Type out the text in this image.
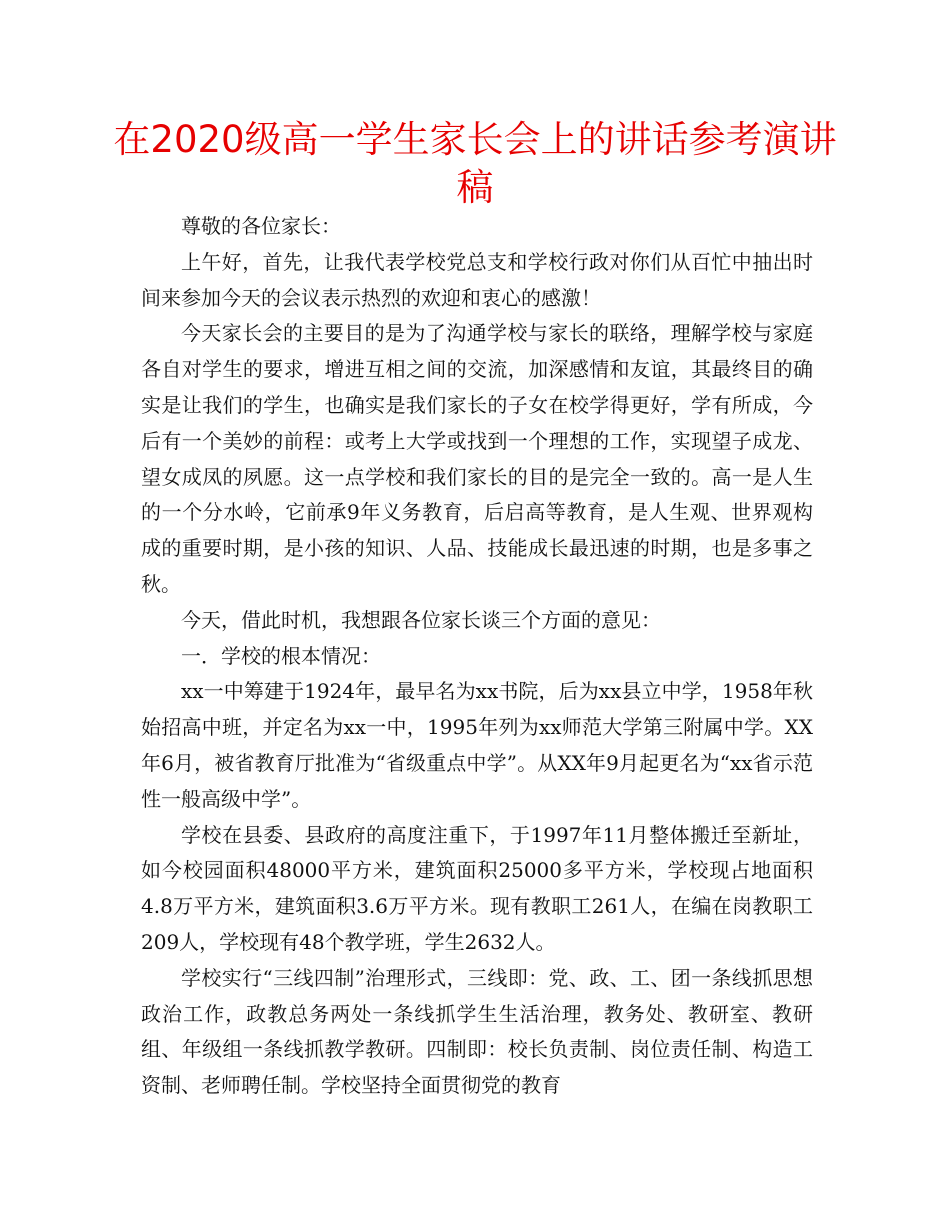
在2020级高一学生家长会上的讲话参考演讲稿

尊敬的各位家长：

上午好，首先，让我代表学校党总支和学校行政对你们从百忙中抽出时间来参加今天的会议表示热烈的欢迎和衷心的感激！

今天家长会的主要目的是为了沟通学校与家长的联络，理解学校与家庭各自对学生的要求，增进互相之间的交流，加深感情和友谊，其最终目的确实是让我们的学生，也确实是我们家长的子女在校学得更好，学有所成，今后有一个美妙的前程：或考上大学或找到一个理想的工作，实现望子成龙、望女成凤的夙愿。这一点学校和我们家长的目的是完全一致的。高一是人生的一个分水岭，它前承9年义务教育，后启高等教育，是人生观、世界观构成的重要时期，是小孩的知识、人品、技能成长最迅速的时期，也是多事之秋。

今天，借此时机，我想跟各位家长谈三个方面的意见：

一．学校的根本情况：

xx一中筹建于1924年，最早名为xx书院，后为xx县立中学，1958年秋始招高中班，并定名为xx一中，1995年列为xx师范大学第三附属中学。XX年6月，被省教育厅批准为“省级重点中学”。从XX年9月起更名为“xx省示范性一般高级中学”。

学校在县委、县政府的高度注重下，于1997年11月整体搬迁至新址，如今校园面积48000平方米，建筑面积25000多平方米，学校现占地面积4.8万平方米，建筑面积3.6万平方米。现有教职工261人，在编在岗教职工209人，学校现有48个教学班，学生2632人。

学校实行“三线四制”治理形式，三线即：党、政、工、团一条线抓思想政治工作，政教总务两处一条线抓学生生活治理，教务处、教研室、教研组、年级组一条线抓教学教研。四制即：校长负责制、岗位责任制、构造工资制、老师聘任制。学校坚持全面贯彻党的教育
